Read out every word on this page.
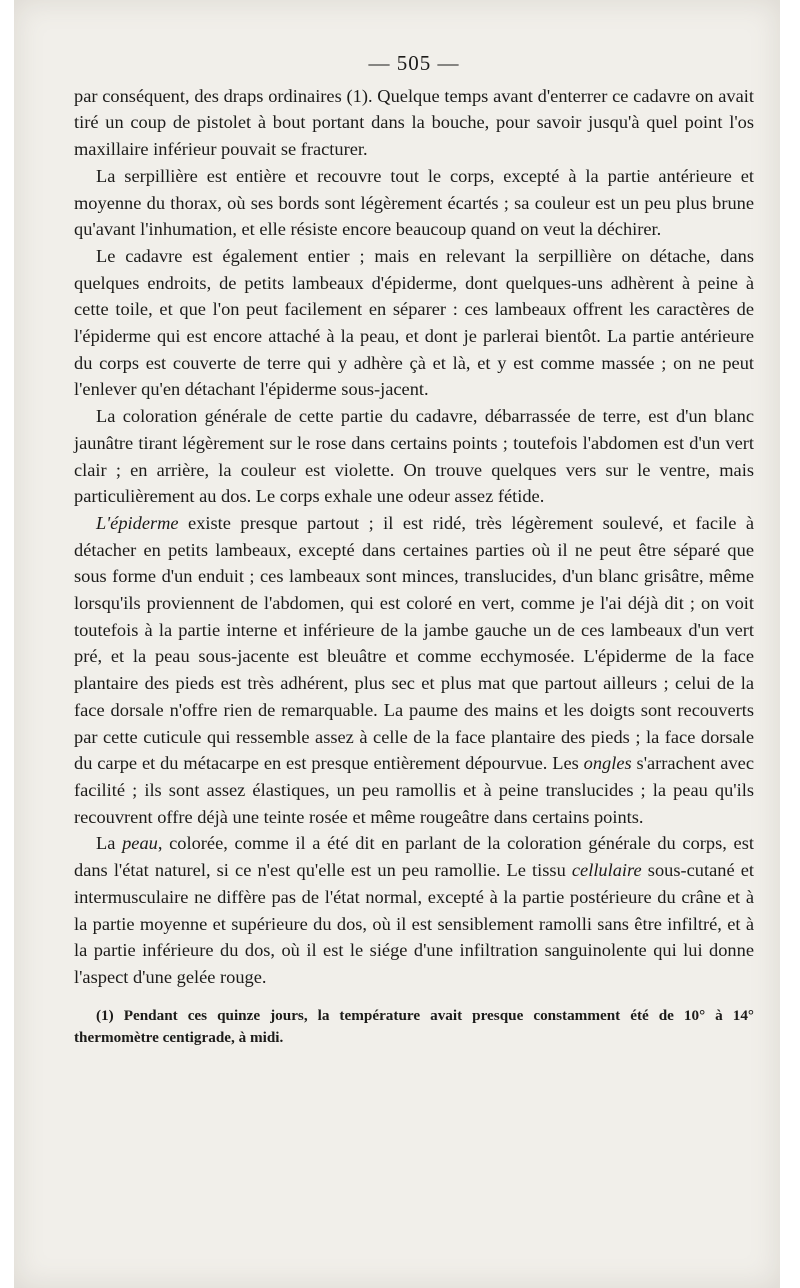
— 505 —

par conséquent, des draps ordinaires (1). Quelque temps avant d'enterrer ce cadavre on avait tiré un coup de pistolet à bout portant dans la bouche, pour savoir jusqu'à quel point l'os maxillaire inférieur pouvait se fracturer.

La serpillière est entière et recouvre tout le corps, excepté à la partie antérieure et moyenne du thorax, où ses bords sont légèrement écartés ; sa couleur est un peu plus brune qu'avant l'inhumation, et elle résiste encore beaucoup quand on veut la déchirer.

Le cadavre est également entier ; mais en relevant la serpillière on détache, dans quelques endroits, de petits lambeaux d'épiderme, dont quelques-uns adhèrent à peine à cette toile, et que l'on peut facilement en séparer : ces lambeaux offrent les caractères de l'épiderme qui est encore attaché à la peau, et dont je parlerai bientôt. La partie antérieure du corps est couverte de terre qui y adhère çà et là, et y est comme massée ; on ne peut l'enlever qu'en détachant l'épiderme sous-jacent.

La coloration générale de cette partie du cadavre, débarrassée de terre, est d'un blanc jaunâtre tirant légèrement sur le rose dans certains points ; toutefois l'abdomen est d'un vert clair ; en arrière, la couleur est violette. On trouve quelques vers sur le ventre, mais particulièrement au dos. Le corps exhale une odeur assez fétide.

L'épiderme existe presque partout ; il est ridé, très légèrement soulevé, et facile à détacher en petits lambeaux, excepté dans certaines parties où il ne peut être séparé que sous forme d'un enduit ; ces lambeaux sont minces, translucides, d'un blanc grisâtre, même lorsqu'ils proviennent de l'abdomen, qui est coloré en vert, comme je l'ai déjà dit ; on voit toutefois à la partie interne et inférieure de la jambe gauche un de ces lambeaux d'un vert pré, et la peau sous-jacente est bleuâtre et comme ecchymosée. L'épiderme de la face plantaire des pieds est très adhérent, plus sec et plus mat que partout ailleurs ; celui de la face dorsale n'offre rien de remarquable. La paume des mains et les doigts sont recouverts par cette cuticule qui ressemble assez à celle de la face plantaire des pieds ; la face dorsale du carpe et du métacarpe en est presque entièrement dépourvue. Les ongles s'arrachent avec facilité ; ils sont assez élastiques, un peu ramollis et à peine translucides ; la peau qu'ils recouvrent offre déjà une teinte rosée et même rougeâtre dans certains points.

La peau, colorée, comme il a été dit en parlant de la coloration générale du corps, est dans l'état naturel, si ce n'est qu'elle est un peu ramollie. Le tissu cellulaire sous-cutané et intermusculaire ne diffère pas de l'état normal, excepté à la partie postérieure du crâne et à la partie moyenne et supérieure du dos, où il est sensiblement ramolli sans être infiltré, et à la partie inférieure du dos, où il est le siége d'une infiltration sanguinolente qui lui donne l'aspect d'une gelée rouge.

(1) Pendant ces quinze jours, la température avait presque constamment été de 10° à 14° thermomètre centigrade, à midi.
